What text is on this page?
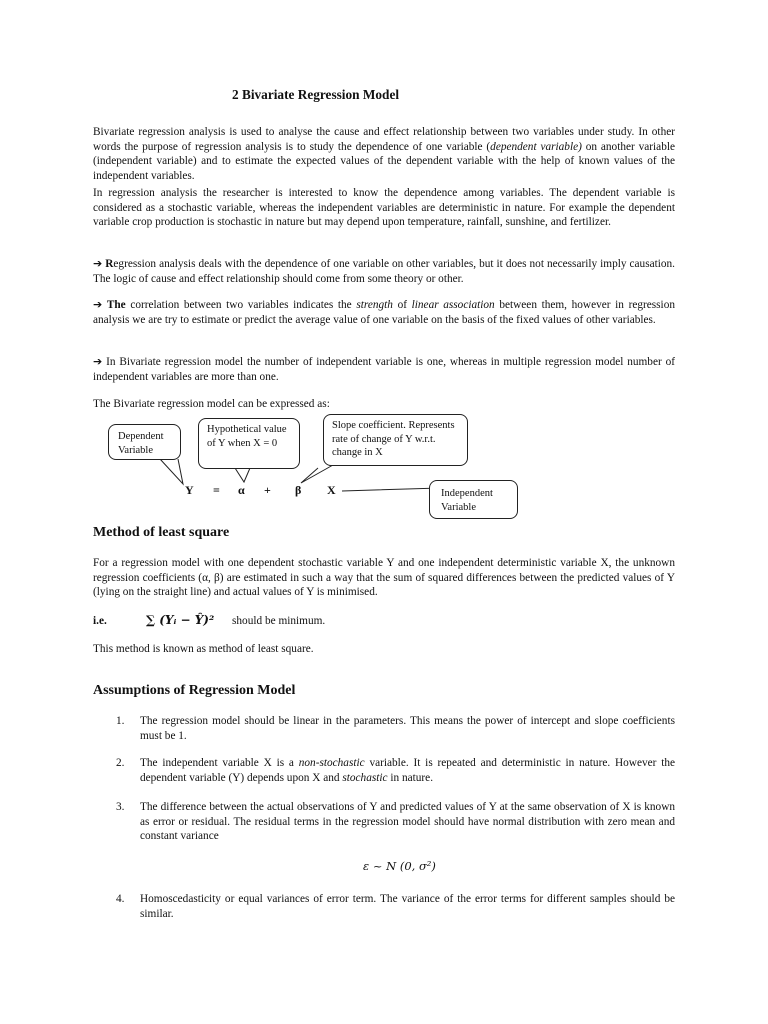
2 Bivariate Regression Model

Bivariate regression analysis is used to analyse the cause and effect relationship between two variables under study. In other words the purpose of regression analysis is to study the dependence of one variable (dependent variable) on another variable (independent variable) and to estimate the expected values of the dependent variable with the help of known values of the independent variables.

In regression analysis the researcher is interested to know the dependence among variables. The dependent variable is considered as a stochastic variable, whereas the independent variables are deterministic in nature. For example the dependent variable crop production is stochastic in nature but may depend upon temperature, rainfall, sunshine, and fertilizer.

➔ Regression analysis deals with the dependence of one variable on other variables, but it does not necessarily imply causation. The logic of cause and effect relationship should come from some theory or other.

➔ The correlation between two variables indicates the strength of linear association between them, however in regression analysis we are try to estimate or predict the average value of one variable on the basis of the fixed values of other variables.

➔ In Bivariate regression model the number of independent variable is one, whereas in multiple regression model number of independent variables are more than one.

The Bivariate regression model can be expressed as:

Dependent Variable
Hypothetical value of Y when X = 0
Slope coefficient. Represents rate of change of Y w.r.t. change in X
Independent Variable
Y = α + β X
Method of least square

For a regression model with one dependent stochastic variable Y and one independent deterministic variable X, the unknown regression coefficients (α, β) are estimated in such a way that the sum of squared differences between the predicted values of Y (lying on the straight line) and actual values of Y is minimised.

i.e.	∑ (Yᵢ − Ŷ)² should be minimum.

This method is known as method of least square.

Assumptions of Regression Model
1. The regression model should be linear in the parameters. This means the power of intercept and slope coefficients must be 1.

2. The independent variable X is a non-stochastic variable. It is repeated and deterministic in nature. However the dependent variable (Y) depends upon X and stochastic in nature.

3. The difference between the actual observations of Y and predicted values of Y at the same observation of X is known as error or residual. The residual terms in the regression model should have normal distribution with zero mean and constant variance

ε ~ N (0, σ²)
4. Homoscedasticity or equal variances of error term. The variance of the error terms for different samples should be similar.
